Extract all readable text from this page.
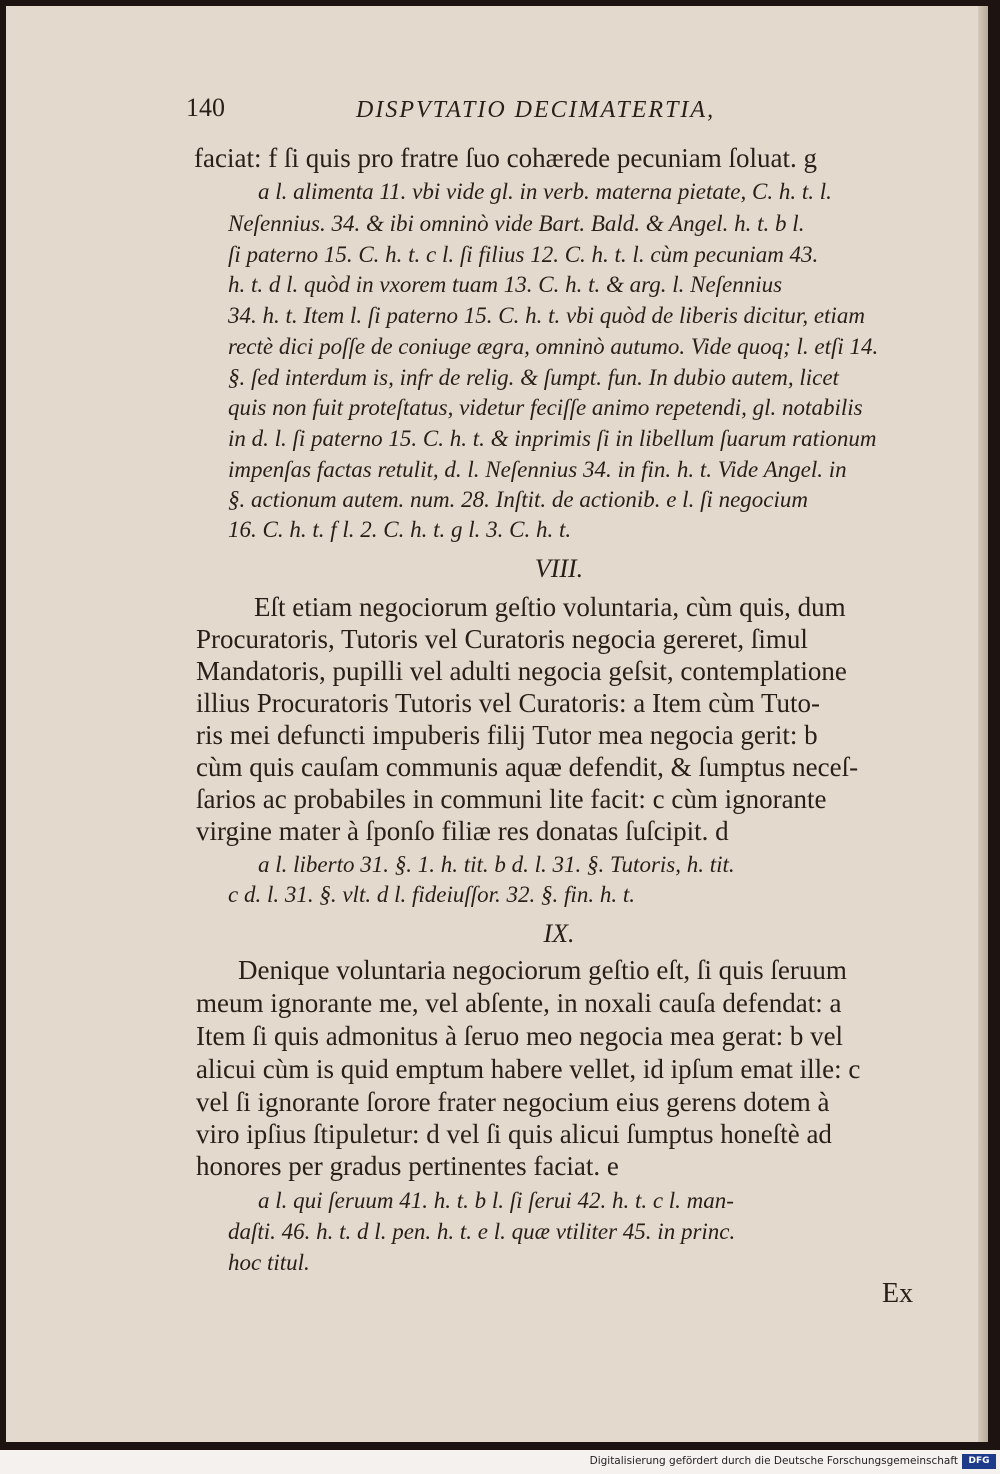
140	DISPVTATIO DECIMATERTIA,
faciat: f ſi quis pro fratre ſuo cohærede pecuniam ſoluat. g
a l. alimenta 11. vbi vide gl. in verb. materna pietate, C. h. t. l.
Neſennius. 34. & ibi omninò vide Bart. Bald. & Angel. h. t. b l.
ſi paterno 15. C. h. t. c l. ſi filius 12. C. h. t. l. cùm pecuniam 43.
h. t. d l. quòd in vxorem tuam 13. C. h. t. & arg. l. Neſennius
34. h. t. Item l. ſi paterno 15. C. h. t. vbi quòd de liberis dicitur, etiam
rectè dici poſſe de coniuge ægra, omninò autumo. Vide quoq; l. etſi 14.
§. ſed interdum is, infr de relig. & ſumpt. fun. In dubio autem, licet
quis non fuit proteſtatus, videtur feciſſe animo repetendi, gl. notabilis
in d. l. ſi paterno 15. C. h. t. & inprimis ſi in libellum ſuarum rationum
impenſas factas retulit, d. l. Neſennius 34. in fin. h. t. Vide Angel. in
§. actionum autem. num. 28. Inſtit. de actionib. e l. ſi negocium
16. C. h. t. f l. 2. C. h. t. g l. 3. C. h. t.
VIII.
Eſt etiam negociorum geſtio voluntaria, cùm quis, dum
Procuratoris, Tutoris vel Curatoris negocia gereret, ſimul
Mandatoris, pupilli vel adulti negocia geſsit, contemplatione
illius Procuratoris Tutoris vel Curatoris: a Item cùm Tuto-
ris mei defuncti impuberis filij Tutor mea negocia gerit: b
cùm quis cauſam communis aquæ defendit, & ſumptus neceſ-
ſarios ac probabiles in communi lite facit: c cùm ignorante
virgine mater à ſponſo filiæ res donatas ſuſcipit. d
a l. liberto 31. §. 1. h. tit. b d. l. 31. §. Tutoris, h. tit.
c d. l. 31. §. vlt. d l. fideiuſſor. 32. §. fin. h. t.
IX.
Denique voluntaria negociorum geſtio eſt, ſi quis ſeruum
meum ignorante me, vel abſente, in noxali cauſa defendat: a
Item ſi quis admonitus à ſeruo meo negocia mea gerat: b vel
alicui cùm is quid emptum habere vellet, id ipſum emat ille: c
vel ſi ignorante ſorore frater negocium eius gerens dotem à
viro ipſius ſtipuletur: d vel ſi quis alicui ſumptus honeſtè ad
honores per gradus pertinentes faciat. e
a l. qui ſeruum 41. h. t. b l. ſi ſerui 42. h. t. c l. man-
daſti. 46. h. t. d l. pen. h. t. e l. quæ vtiliter 45. in princ.
hoc titul.
Ex
Digitalisierung gefördert durch die Deutsche Forschungsgemeinschaft	DFG
